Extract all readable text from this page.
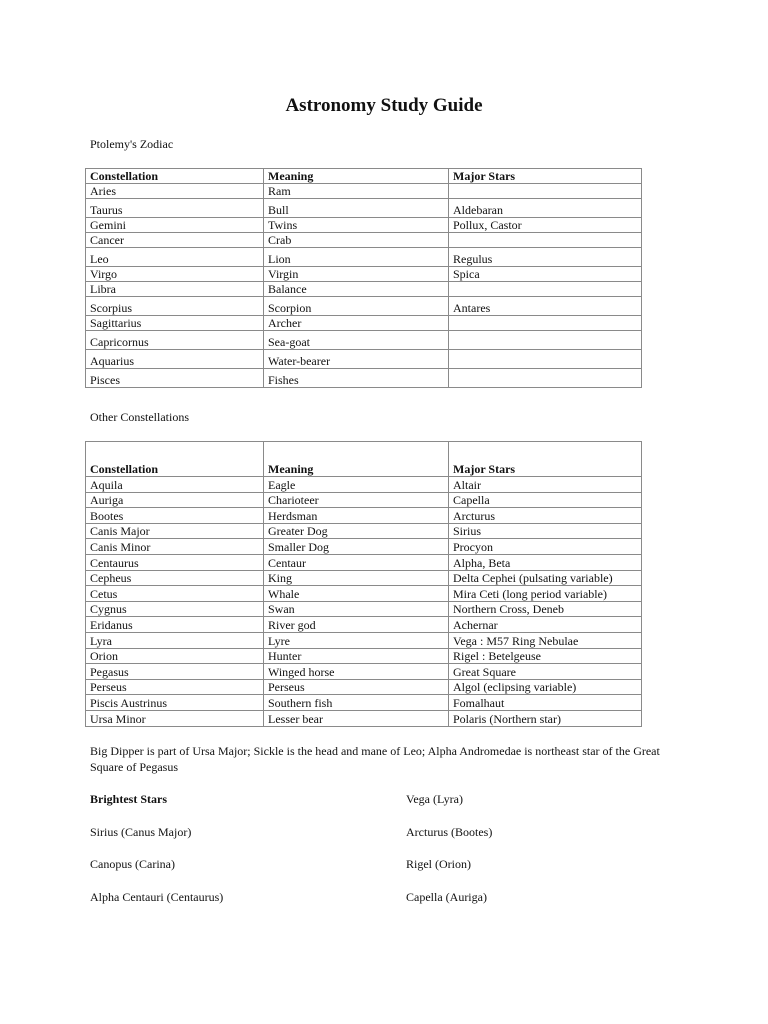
Astronomy Study Guide

Ptolemy's Zodiac

Constellation	Meaning	Major Stars
Aries	Ram	
Taurus	Bull	Aldebaran
Gemini	Twins	Pollux, Castor
Cancer	Crab	
Leo	Lion	Regulus
Virgo	Virgin	Spica
Libra	Balance	
Scorpius	Scorpion	Antares
Sagittarius	Archer	
Capricornus	Sea-goat	
Aquarius	Water-bearer	
Pisces	Fishes	

Other Constellations

Constellation	Meaning	Major Stars
Aquila	Eagle	Altair
Auriga	Charioteer	Capella
Bootes	Herdsman	Arcturus
Canis Major	Greater Dog	Sirius
Canis Minor	Smaller Dog	Procyon
Centaurus	Centaur	Alpha, Beta
Cepheus	King	Delta Cephei (pulsating variable)
Cetus	Whale	Mira Ceti (long period variable)
Cygnus	Swan	Northern Cross, Deneb
Eridanus	River god	Achernar
Lyra	Lyre	Vega : M57 Ring Nebulae
Orion	Hunter	Rigel : Betelgeuse
Pegasus	Winged horse	Great Square
Perseus	Perseus	Algol (eclipsing variable)
Piscis Austrinus	Southern fish	Fomalhaut
Ursa Minor	Lesser bear	Polaris (Northern star)

Big Dipper is part of Ursa Major; Sickle is the head and mane of Leo; Alpha Andromedae is northeast star of the Great Square of Pegasus

Brightest Stars

Sirius (Canus Major)

Canopus (Carina)

Alpha Centauri (Centaurus)

Vega (Lyra)

Arcturus (Bootes)

Rigel (Orion)

Capella (Auriga)
